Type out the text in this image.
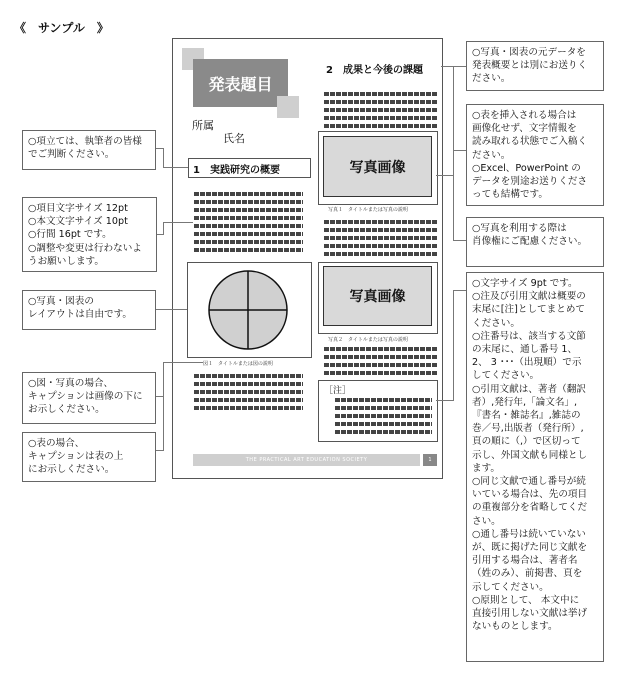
《　サンプル　》
発表題目
所属
氏名
1　実践研究の概要
図１　タイトルまたは図の説明
2　成果と今後の課題
写真画像
写真１　タイトルまたは写真の説明
写真画像
写真２　タイトルまたは写真の説明
［注］
THE PRACTICAL ART EDUCATION SOCIETY	1
○項立ては、執筆者の皆様
でご判断ください。
○項目文字サイズ 12pt
○本文文字サイズ 10pt
○行間 16pt です。
○調整や変更は行わないよ
うお願いします。
○写真・図表の
レイアウトは自由です。
○図・写真の場合、
キャプションは画像の下に
お示しください。
○表の場合、
キャプションは表の上
にお示しください。
○写真・図表の元データを
発表概要とは別にお送りく
ださい。
○表を挿入される場合は
画像化せず、文字情報を
読み取れる状態でご入稿く
ださい。
○Excel、PowerPoint の
データを別途お送りくださ
っても結構です。
○写真を利用する際は
肖像権にご配慮ください。
○文字サイズ 9pt です。
○注及び引用文献は概要の
末尾に[注]としてまとめて
ください。
○注番号は、該当する文節
の末尾に、通し番号 1、
2、 3 ･･･（出現順）で示
してください。
○引用文献は、著者（翻訳
者）,発行年,「論文名」,
『書名・雑誌名』,雑誌の
巻／号,出版者（発行所）,
頁の順に（,）で区切って
示し、外国文献も同様とし
ます。
○同じ文献で通し番号が続
いている場合は、先の項目
の重複部分を省略してくだ
さい。
○通し番号は続いていない
が、既に掲げた同じ文献を
引用する場合は、著者名
（姓のみ）、前掲書、頁を
示してください。
○原則として、 本文中に
直接引用しない文献は挙げ
ないものとします。
